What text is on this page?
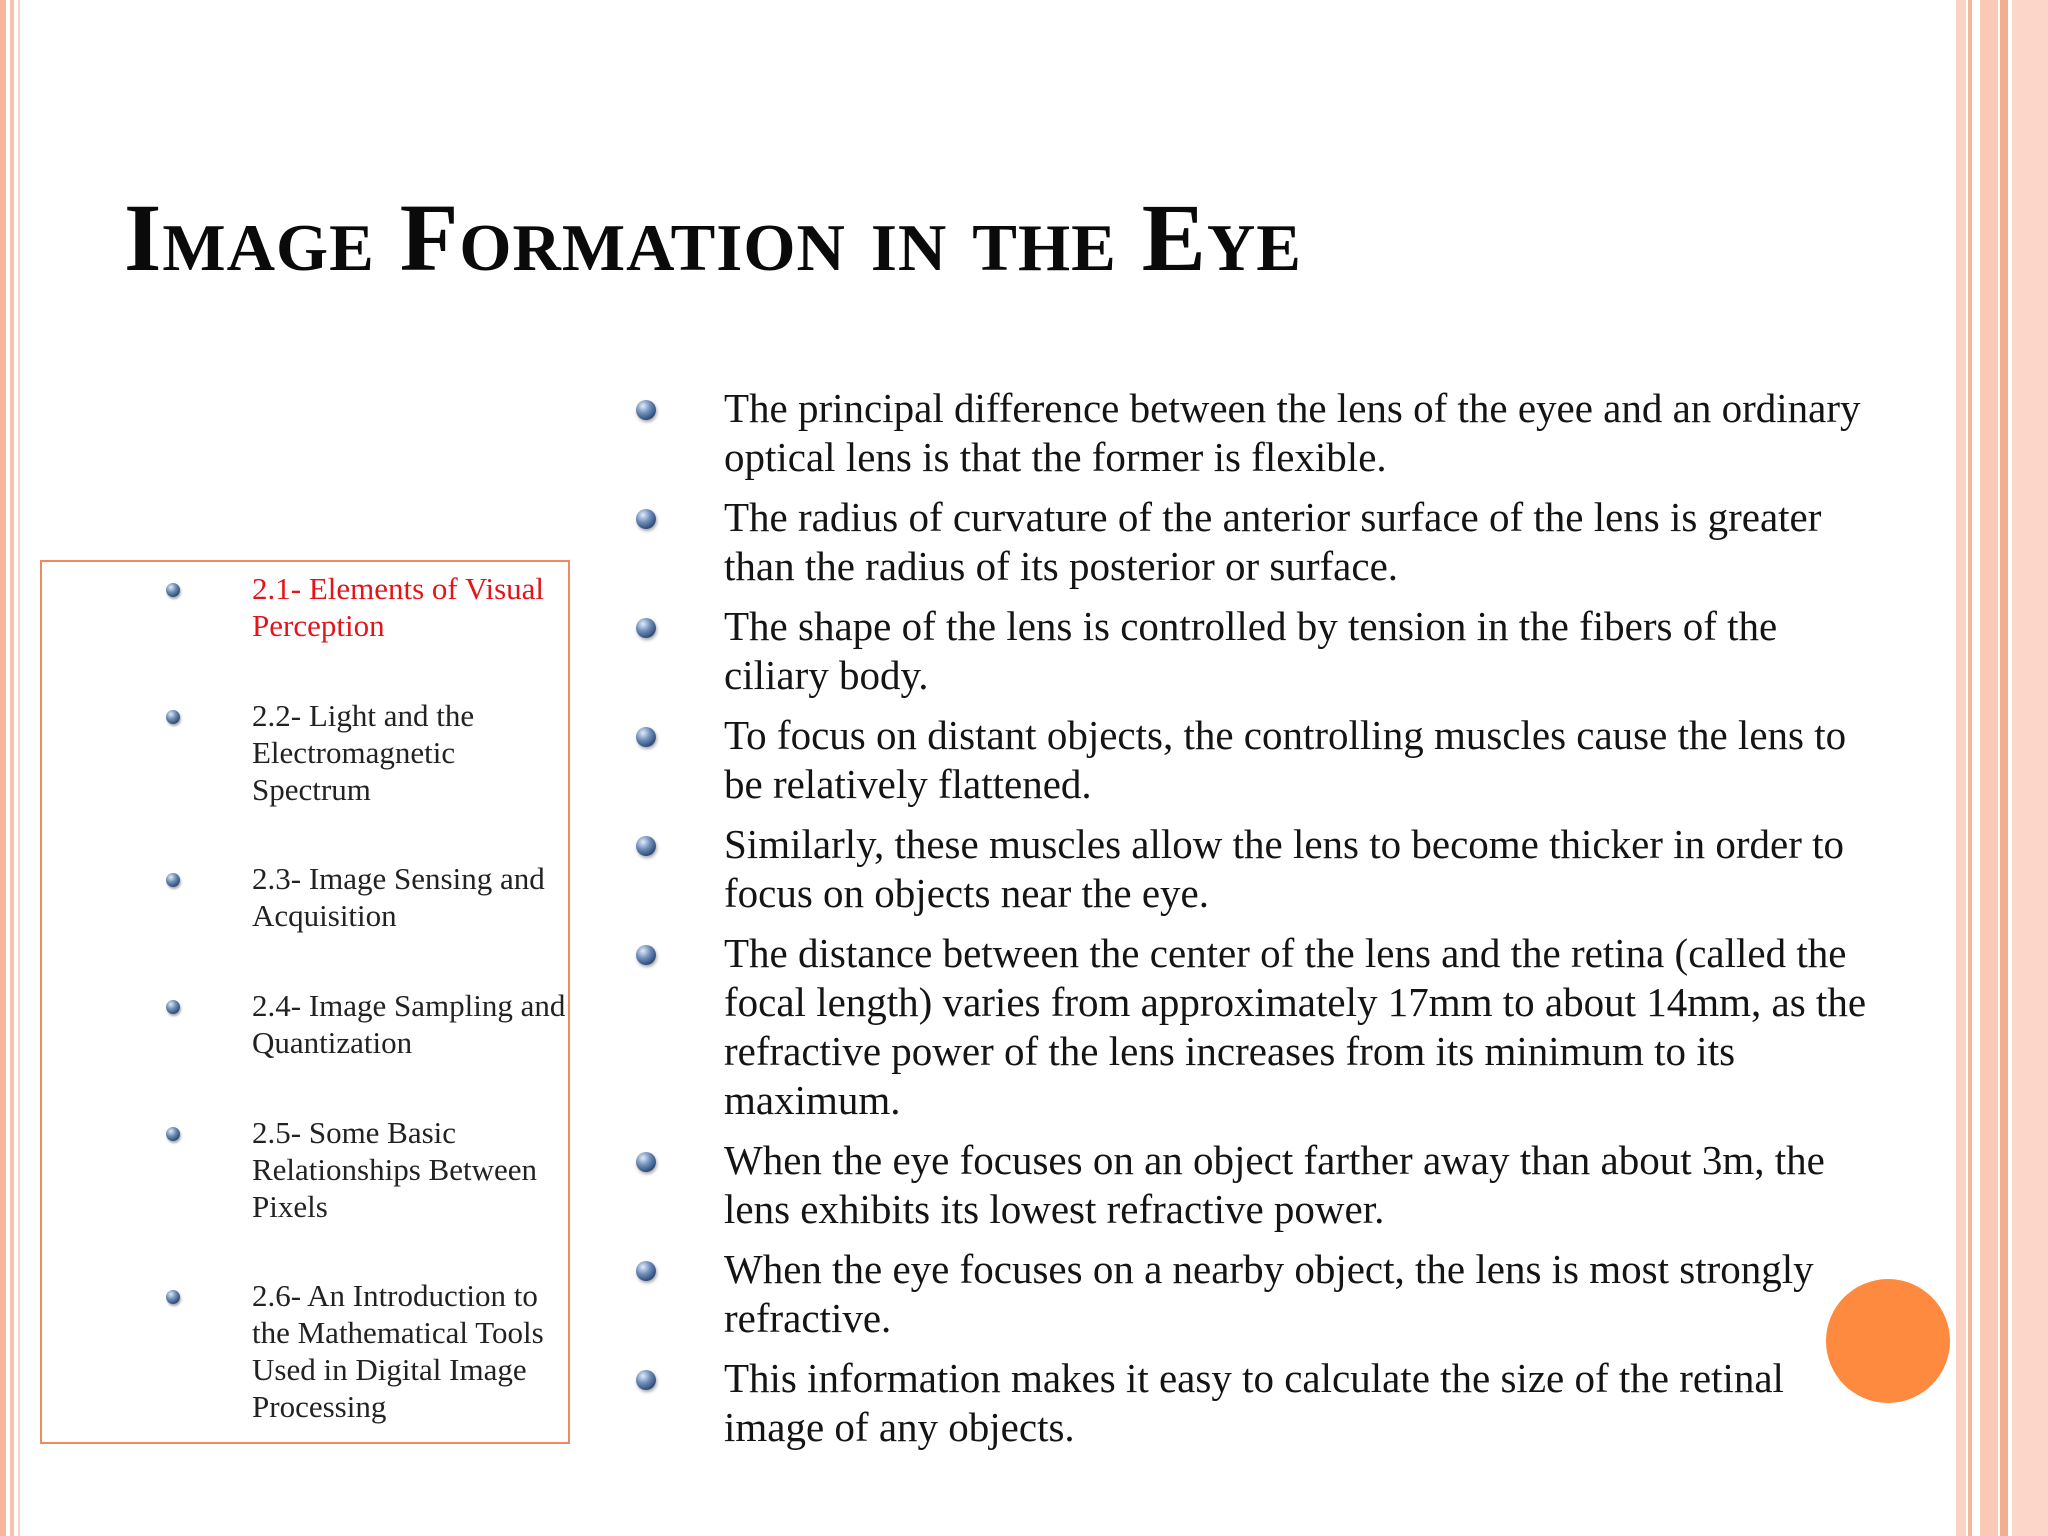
Image Formation in the Eye
2.1- Elements of Visual Perception
2.2- Light and the Electromagnetic Spectrum
2.3- Image Sensing and Acquisition
2.4- Image Sampling and Quantization
2.5- Some Basic Relationships Between Pixels
2.6- An Introduction to the Mathematical Tools Used in Digital Image Processing
The principal difference between the lens of the eyee and an ordinary optical lens is that the former is flexible.
The radius of curvature of the anterior surface of the lens is greater than the radius of its posterior or surface.
The shape of the lens is controlled by tension in the fibers of the ciliary body.
To focus on distant objects, the controlling muscles cause the lens to be relatively flattened.
Similarly, these muscles allow the lens to become thicker in order to focus on objects near the eye.
The distance between the center of the lens and the retina (called the focal length) varies from approximately 17mm to about 14mm, as the refractive power of the lens increases from its minimum to its maximum.
When the eye focuses on an object farther away than about 3m, the lens exhibits its lowest refractive power.
When the eye focuses on a nearby object, the lens is most strongly refractive.
This information makes it easy to calculate the size of the retinal image of any objects.
